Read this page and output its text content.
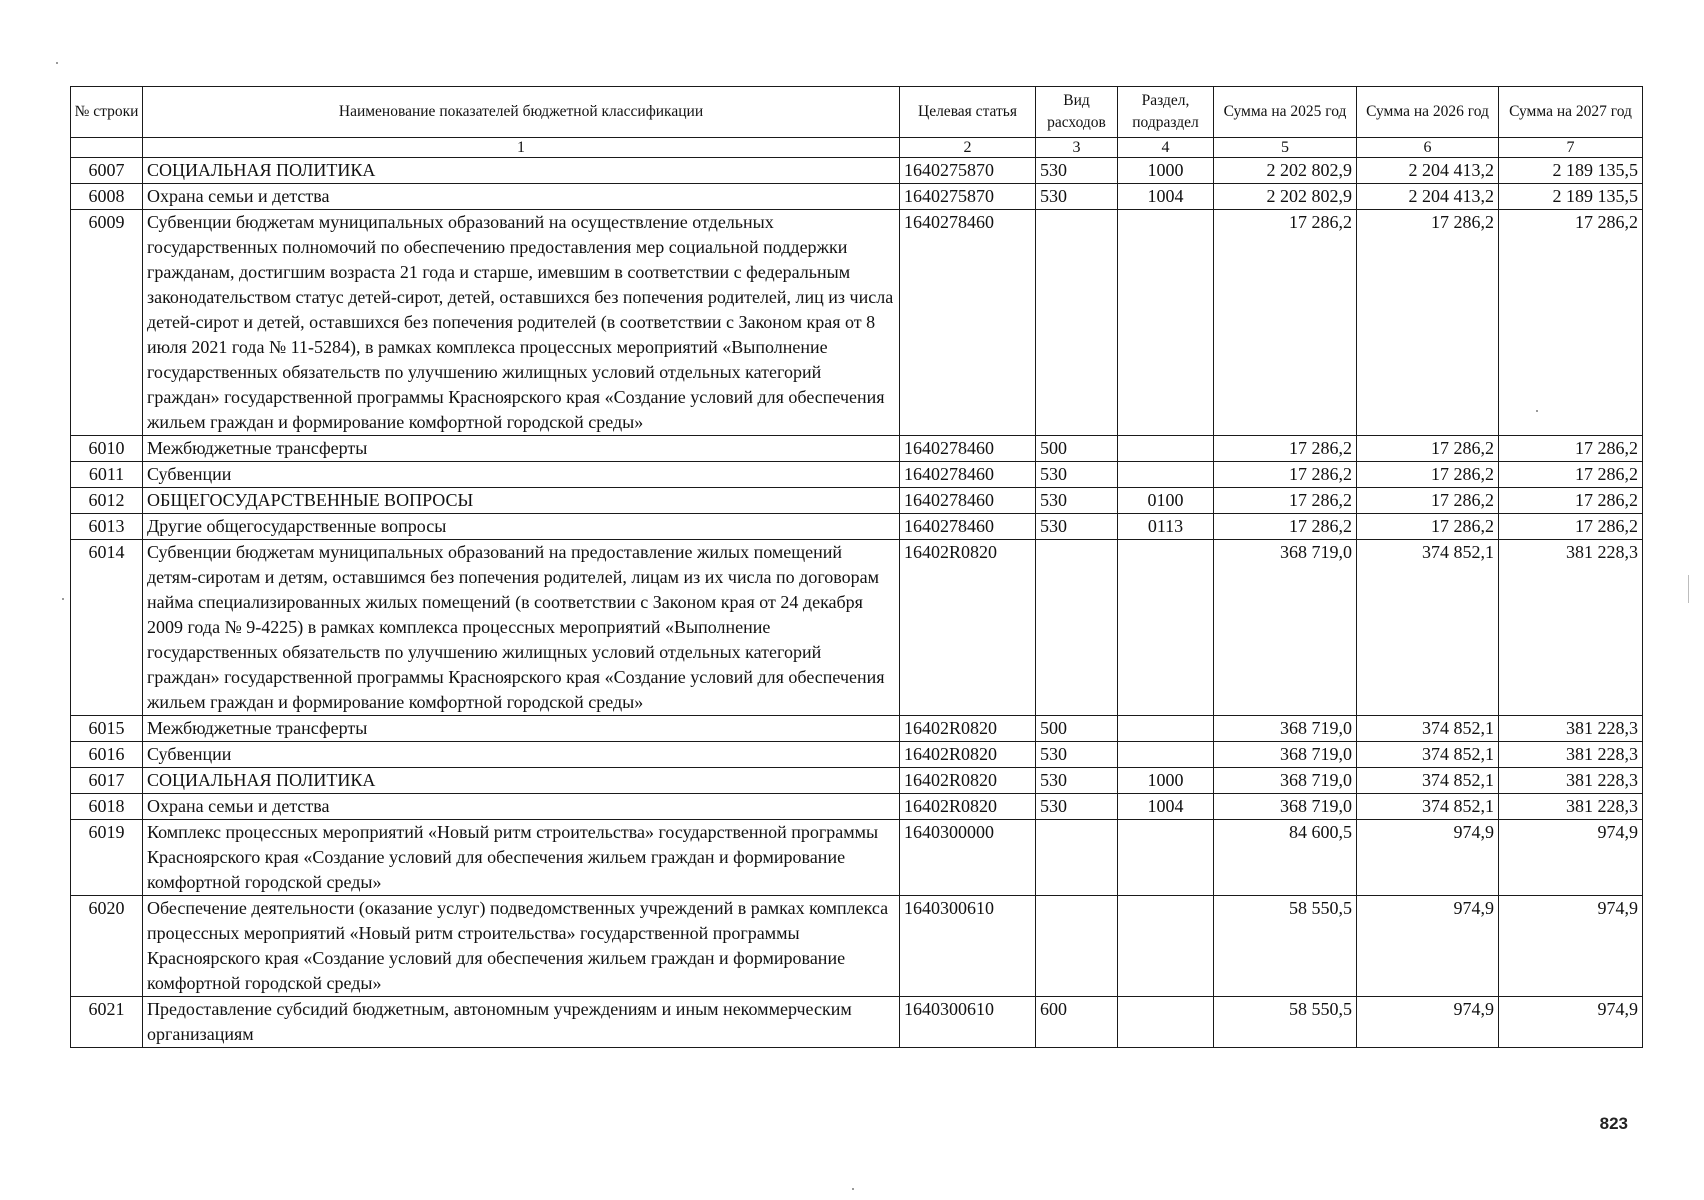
№ строки	Наименование показателей бюджетной классификации	Целевая статья	Вид расходов	Раздел, подраздел	Сумма на 2025 год	Сумма на 2026 год	Сумма на 2027 год
	1	2	3	4	5	6	7
6007	СОЦИАЛЬНАЯ ПОЛИТИКА	1640275870	530	1000	2 202 802,9	2 204 413,2	2 189 135,5
6008	Охрана семьи и детства	1640275870	530	1004	2 202 802,9	2 204 413,2	2 189 135,5
6009	Субвенции бюджетам муниципальных образований на осуществление отдельных государственных полномочий по обеспечению предоставления мер социальной поддержки гражданам, достигшим возраста 21 года и старше, имевшим в соответствии с федеральным законодательством статус детей-сирот, детей, оставшихся без попечения родителей, лиц из числа детей-сирот и детей, оставшихся без попечения родителей (в соответствии с Законом края от 8 июля 2021 года № 11-5284), в рамках комплекса процессных мероприятий «Выполнение государственных обязательств по улучшению жилищных условий отдельных категорий граждан» государственной программы Красноярского края «Создание условий для обеспечения жильем граждан и формирование комфортной городской среды»	1640278460			17 286,2	17 286,2	17 286,2
6010	Межбюджетные трансферты	1640278460	500		17 286,2	17 286,2	17 286,2
6011	Субвенции	1640278460	530		17 286,2	17 286,2	17 286,2
6012	ОБЩЕГОСУДАРСТВЕННЫЕ ВОПРОСЫ	1640278460	530	0100	17 286,2	17 286,2	17 286,2
6013	Другие общегосударственные вопросы	1640278460	530	0113	17 286,2	17 286,2	17 286,2
6014	Субвенции бюджетам муниципальных образований на предоставление жилых помещений детям-сиротам и детям, оставшимся без попечения родителей, лицам из их числа по договорам найма специализированных жилых помещений (в соответствии с Законом края от 24 декабря 2009 года № 9-4225) в рамках комплекса процессных мероприятий «Выполнение государственных обязательств по улучшению жилищных условий отдельных категорий граждан» государственной программы Красноярского края «Создание условий для обеспечения жильем граждан и формирование комфортной городской среды»	16402R0820			368 719,0	374 852,1	381 228,3
6015	Межбюджетные трансферты	16402R0820	500		368 719,0	374 852,1	381 228,3
6016	Субвенции	16402R0820	530		368 719,0	374 852,1	381 228,3
6017	СОЦИАЛЬНАЯ ПОЛИТИКА	16402R0820	530	1000	368 719,0	374 852,1	381 228,3
6018	Охрана семьи и детства	16402R0820	530	1004	368 719,0	374 852,1	381 228,3
6019	Комплекс процессных мероприятий «Новый ритм строительства» государственной программы Красноярского края «Создание условий для обеспечения жильем граждан и формирование комфортной городской среды»	1640300000			84 600,5	974,9	974,9
6020	Обеспечение деятельности (оказание услуг) подведомственных учреждений в рамках комплекса процессных мероприятий «Новый ритм строительства» государственной программы Красноярского края «Создание условий для обеспечения жильем граждан и формирование комфортной городской среды»	1640300610			58 550,5	974,9	974,9
6021	Предоставление субсидий бюджетным, автономным учреждениям и иным некоммерческим организациям	1640300610	600		58 550,5	974,9	974,9
823
